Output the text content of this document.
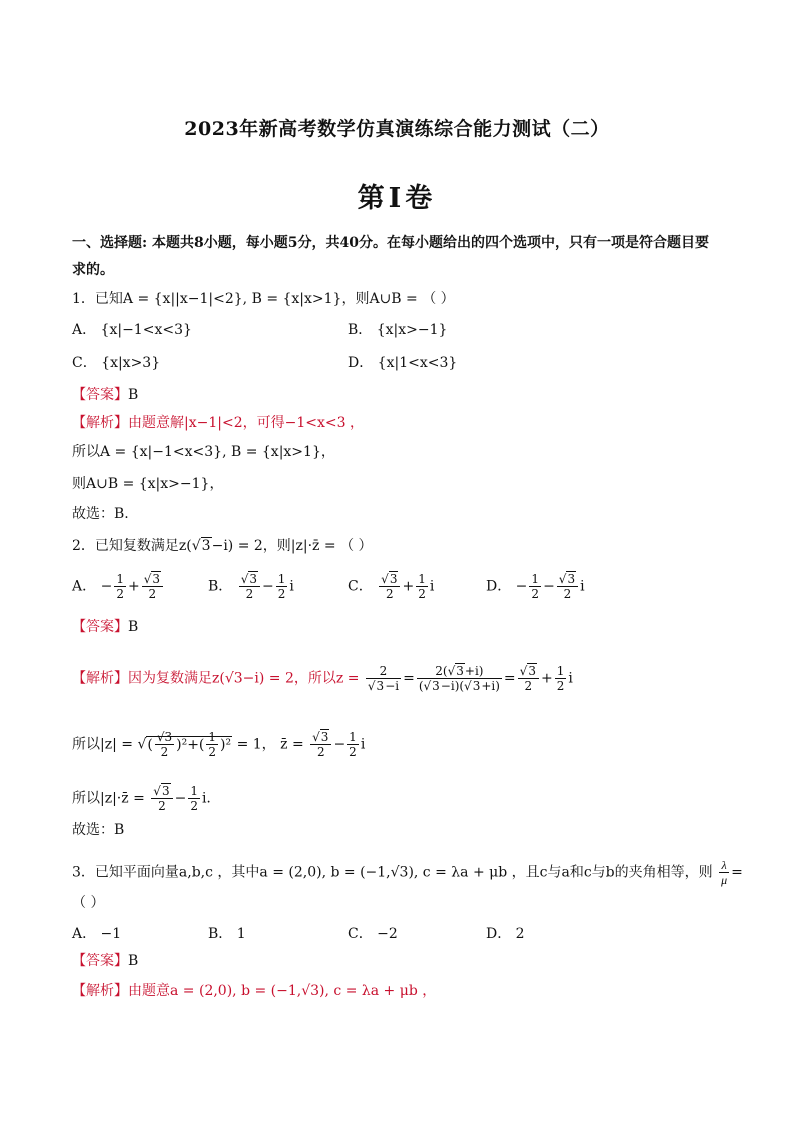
2023年新高考数学仿真演练综合能力测试（二）
第Ⅰ卷
一、选择题: 本题共8小题，每小题5分，共40分。在每小题给出的四个选项中，只有一项是符合题目要
求的。
1．已知A = {x||x−1|<2}, B = {x|x>1}，则A∪B = （ ）
A． {x|−1<x<3}	B． {x|x>−1}
C． {x|x>3}	D． {x|1<x<3}
【答案】B
【解析】由题意解|x−1|<2，可得−1<x<3 ，
所以A = {x|−1<x<3}, B = {x|x>1}，
则A∪B = {x|x>−1}，
故选：B.
2．已知复数满足z(√3−i) = 2，则|z|·z̄ = （ ）
A． − $\frac{1}{2} + \frac{√3}{2}$	B． $\frac{√3}{2} - \frac{1}{2}$ i	C． $\frac{√3}{2} + \frac{1}{2}$ i	D． − $\frac{1}{2} - \frac{√3}{2}$ i
【答案】B
【解析】因为复数满足z(√3−i) = 2，所以$z = \frac{2}{√3-i} = \frac{2(√3+i)}{(√3-i)(√3+i)} = \frac{√3}{2} + \frac{1}{2}$ i
所以|z| = √( $\frac{√3}{2} )^2+( \frac{1}{2} )^2 = 1$， z̄ = $\frac{√3}{2} - \frac{1}{2}$ i
所以|z|·z̄ = $\frac{√3}{2} - \frac{1}{2} i$.
故选：B
3．已知平面向量a,b,c ，其中a = (2,0), b = (−1,√3), c = λa + μb ，且c与a和c与b的夹角相等，则 $\frac{\lambda}{\mu}$ =
（ ）
A． −1	B． 1	C． −2	D． 2
【答案】B
【解析】由题意a = (2,0), b = (−1,√3), c = λa + μb ，
